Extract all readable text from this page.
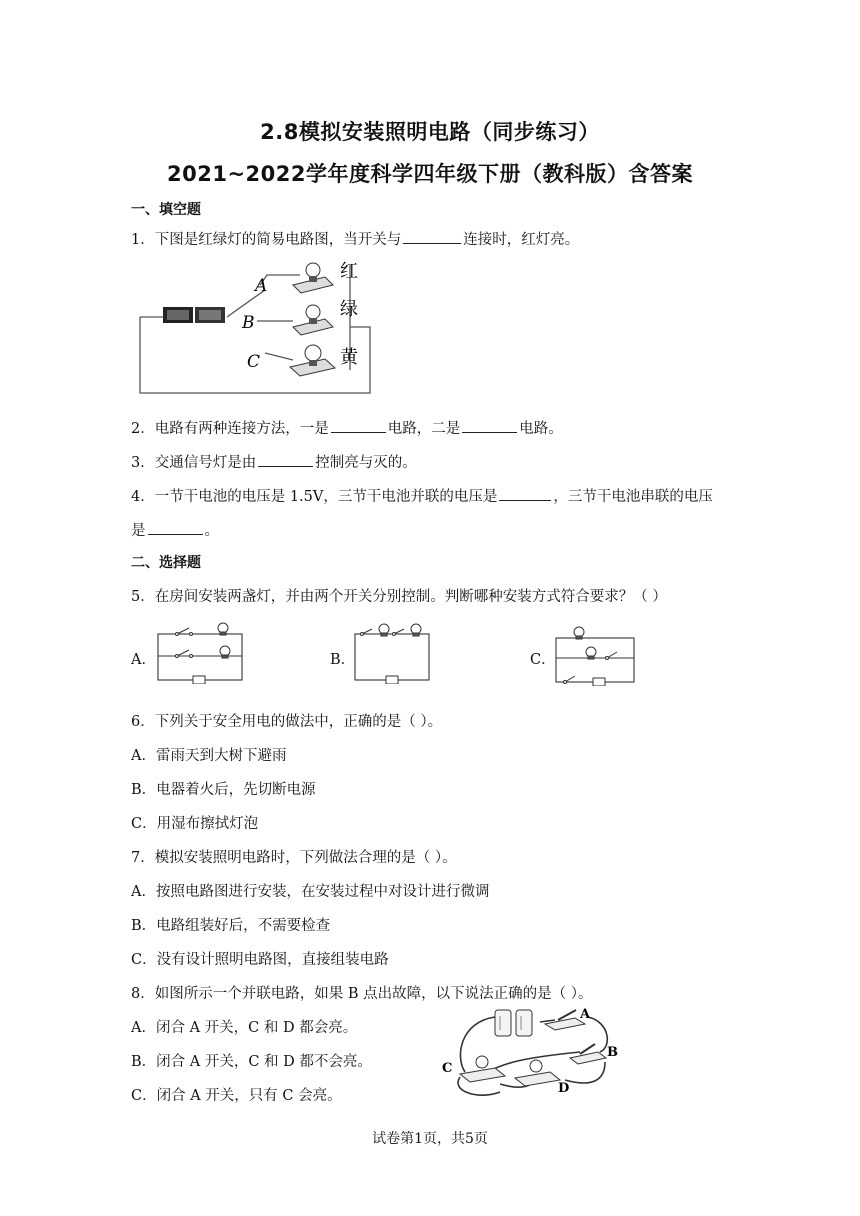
2.8模拟安装照明电路（同步练习）
2021~2022学年度科学四年级下册（教科版）含答案
一、填空题
1．下图是红绿灯的简易电路图，当开关与	连接时，红灯亮。
A
B
C
红
绿
黄
2．电路有两种连接方法，一是	电路，二是	电路。
3．交通信号灯是由	控制亮与灭的。
4．一节干电池的电压是 1.5V，三节干电池并联的电压是	，三节干电池串联的电压
是	。
二、选择题
5．在房间安装两盏灯，并由两个开关分别控制。判断哪种安装方式符合要求？（ ）
A．	B．	C．
6．下列关于安全用电的做法中，正确的是（ ）。
A．雷雨天到大树下避雨
B．电器着火后，先切断电源
C．用湿布擦拭灯泡
7．模拟安装照明电路时，下列做法合理的是（ ）。
A．按照电路图进行安装，在安装过程中对设计进行微调
B．电路组装好后，不需要检查
C．没有设计照明电路图，直接组装电路
8．如图所示一个并联电路，如果 B 点出故障，以下说法正确的是（ ）。
A．闭合 A 开关，C 和 D 都会亮。
B．闭合 A 开关，C 和 D 都不会亮。
C．闭合 A 开关，只有 C 会亮。
A
B
C
D
试卷第1页，共5页
